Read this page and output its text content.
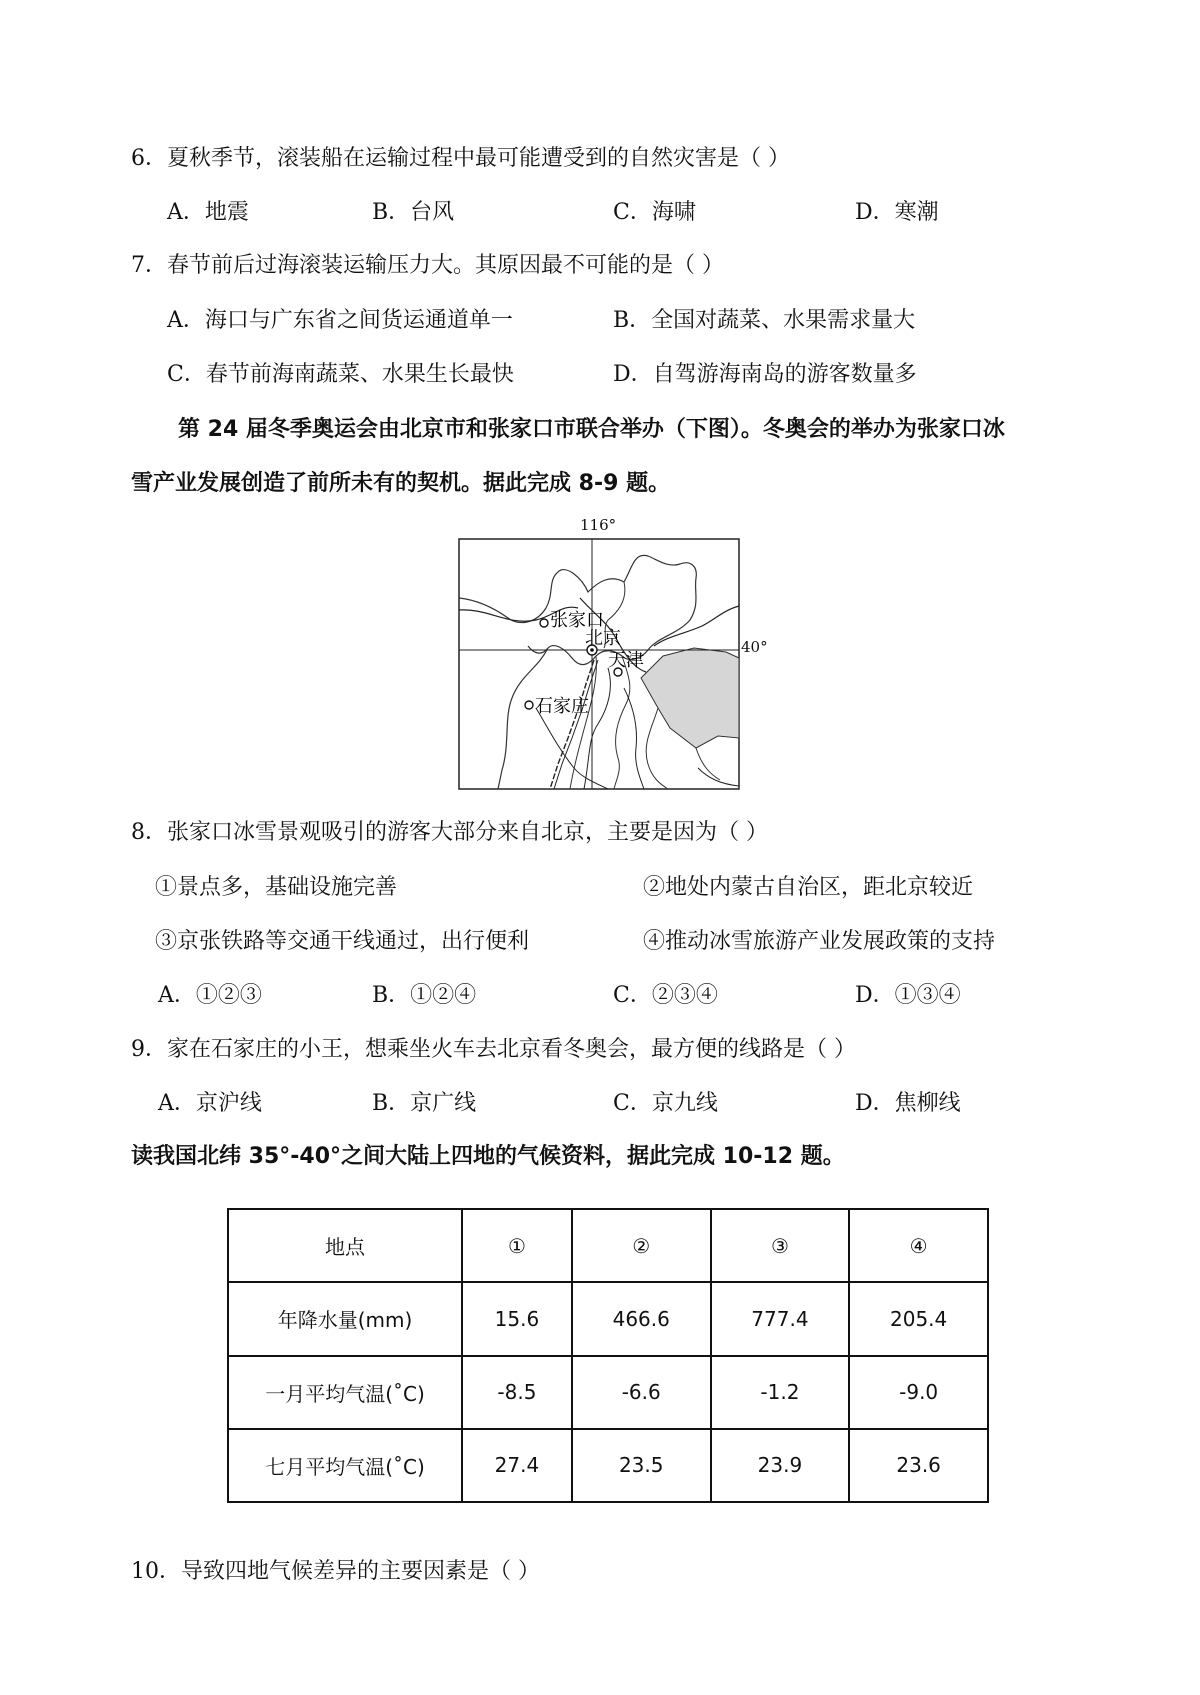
6．夏秋季节，滚装船在运输过程中最可能遭受到的自然灾害是（ ）
A．地震	B．台风	C．海啸	D．寒潮
7．春节前后过海滚装运输压力大。其原因最不可能的是（ ）
A．海口与广东省之间货运通道单一	B．全国对蔬菜、水果需求量大
C．春节前海南蔬菜、水果生长最快	D．自驾游海南岛的游客数量多
第 24 届冬季奥运会由北京市和张家口市联合举办（下图）。冬奥会的举办为张家口冰
雪产业发展创造了前所未有的契机。据此完成 8-9 题。
张家口
北京
天津
石家庄
116°
40°
8．张家口冰雪景观吸引的游客大部分来自北京，主要是因为（ ）
①景点多，基础设施完善	②地处内蒙古自治区，距北京较近
③京张铁路等交通干线通过，出行便利	④推动冰雪旅游产业发展政策的支持
A．①②③	B．①②④	C．②③④	D．①③④
9．家在石家庄的小王，想乘坐火车去北京看冬奥会，最方便的线路是（ ）
A．京沪线	B．京广线	C．京九线	D．焦柳线
读我国北纬 35°-40°之间大陆上四地的气候资料，据此完成 10-12 题。
地点	①	②	③	④
年降水量(mm)	15.6	466.6	777.4	205.4
一月平均气温(˚C)	-8.5	-6.6	-1.2	-9.0
七月平均气温(˚C)	27.4	23.5	23.9	23.6
10．导致四地气候差异的主要因素是（ ）
